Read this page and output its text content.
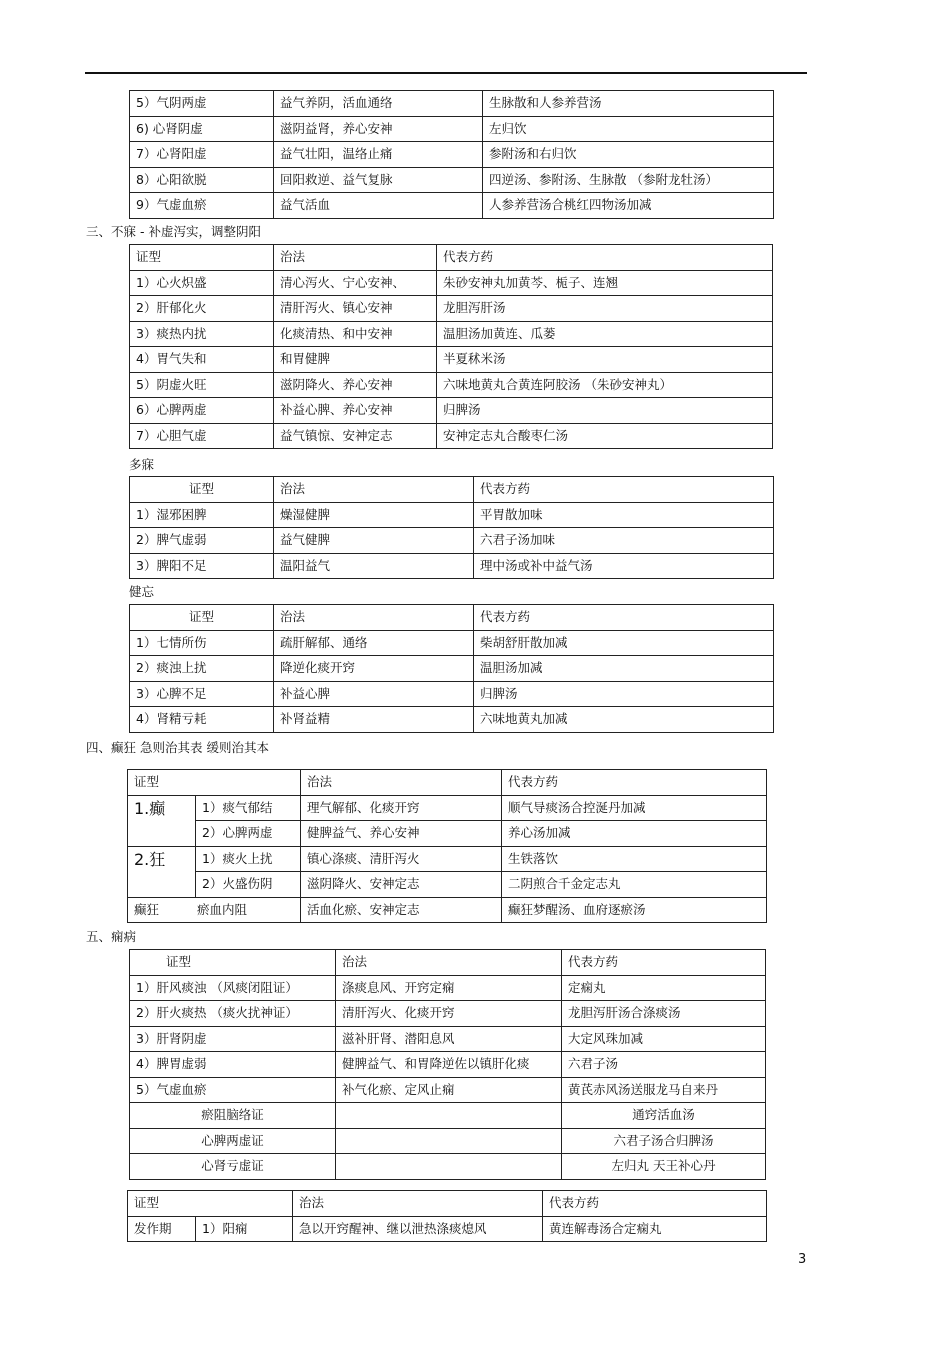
5）气阴两虚	益气养阴，活血通络	生脉散和人参养营汤
6) 心肾阴虚	滋阴益肾，养心安神	左归饮
7）心肾阳虚	益气壮阳，温络止痛	参附汤和右归饮
8）心阳欲脱	回阳救逆、益气复脉	四逆汤、参附汤、生脉散 （参附龙牡汤）
9）气虚血瘀	益气活血	人参养营汤合桃红四物汤加减
三、不寐 - 补虚泻实，调整阴阳
证型	治法	代表方药
1）心火炽盛	清心泻火、宁心安神、	朱砂安神丸加黄芩、栀子、连翘
2）肝郁化火	清肝泻火、镇心安神	龙胆泻肝汤
3）痰热内扰	化痰清热、和中安神	温胆汤加黄连、瓜蒌
4）胃气失和	和胃健脾	半夏秫米汤
5）阴虚火旺	滋阴降火、养心安神	六味地黄丸合黄连阿胶汤 （朱砂安神丸）
6）心脾两虚	补益心脾、养心安神	归脾汤
7）心胆气虚	益气镇惊、安神定志	安神定志丸合酸枣仁汤
多寐
证型	治法	代表方药
1）湿邪困脾	燥湿健脾	平胃散加味
2）脾气虚弱	益气健脾	六君子汤加味
3）脾阳不足	温阳益气	理中汤或补中益气汤
健忘
证型	治法	代表方药
1）七情所伤	疏肝解郁、通络	柴胡舒肝散加减
2）痰浊上扰	降逆化痰开窍	温胆汤加减
3）心脾不足	补益心脾	归脾汤
4）肾精亏耗	补肾益精	六味地黄丸加减
四、癫狂 急则治其表 缓则治其本
证型		治法	代表方药
1.癫	1）痰气郁结	理气解郁、化痰开窍	顺气导痰汤合控涎丹加减
	2）心脾两虚	健脾益气、养心安神	养心汤加减
2.狂	1）痰火上扰	镇心涤痰、清肝泻火	生铁落饮
	2）火盛伤阴	滋阴降火、安神定志	二阴煎合千金定志丸
癫狂 瘀血内阻		活血化瘀、安神定志	癫狂梦醒汤、血府逐瘀汤
五、痫病
证型	治法	代表方药
1）肝风痰浊 （风痰闭阻证）	涤痰息风、开窍定痫	定痫丸
2）肝火痰热 （痰火扰神证）	清肝泻火、化痰开窍	龙胆泻肝汤合涤痰汤
3）肝肾阴虚	滋补肝肾、潜阳息风	大定风珠加减
4）脾胃虚弱	健脾益气、和胃降逆佐以镇肝化痰	六君子汤
5）气虚血瘀	补气化瘀、定风止痫	黄芪赤风汤送服龙马自来丹
瘀阻脑络证		通窍活血汤
心脾两虚证		六君子汤合归脾汤
心肾亏虚证		左归丸 天王补心丹
证型		治法	代表方药
发作期	1）阳痫	急以开窍醒神、继以泄热涤痰熄风	黄连解毒汤合定痫丸
3
